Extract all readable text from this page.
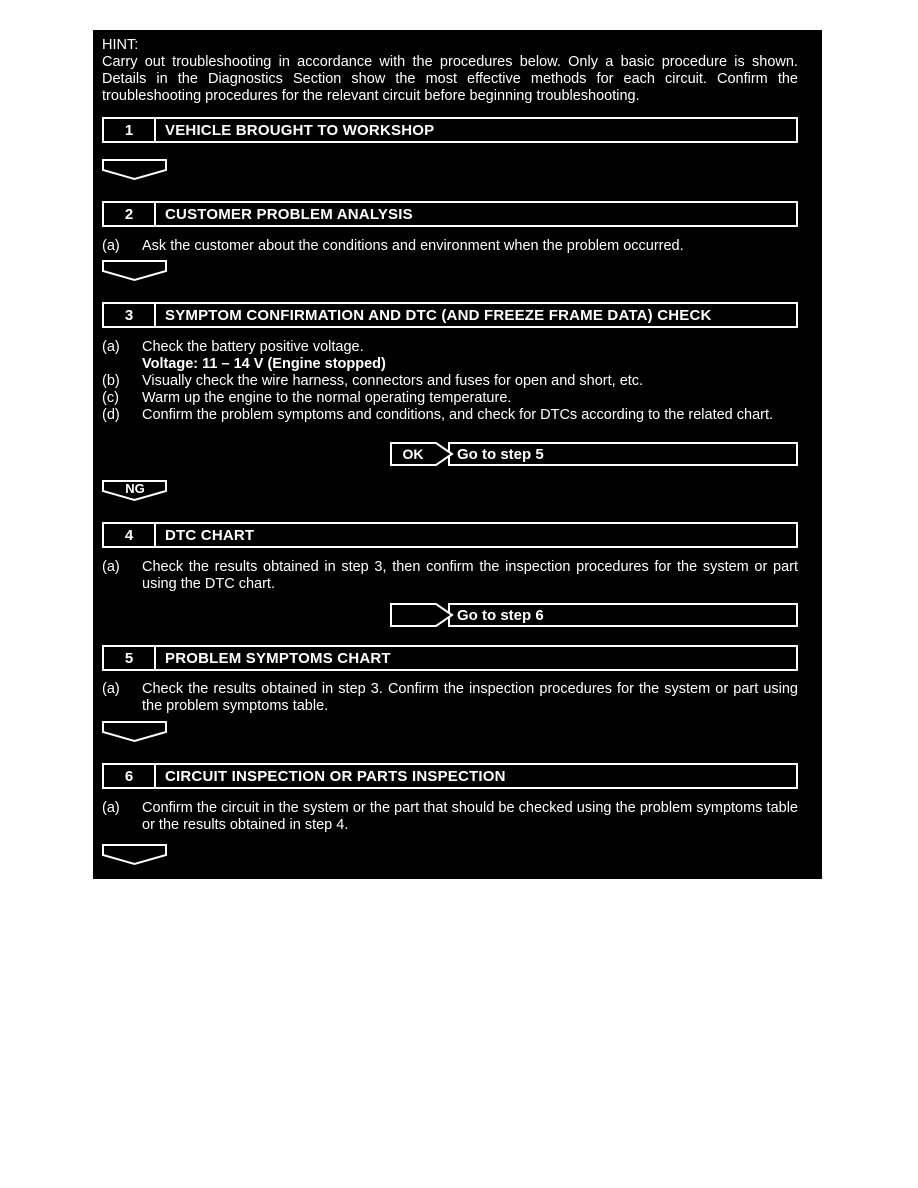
HINT:
Carry out troubleshooting in accordance with the procedures below. Only a basic procedure is shown. Details in the Diagnostics Section show the most effective methods for each circuit. Confirm the troubleshooting procedures for the relevant circuit before beginning troubleshooting.
1	VEHICLE BROUGHT TO WORKSHOP
2	CUSTOMER PROBLEM ANALYSIS
(a)	Ask the customer about the conditions and environment when the problem occurred.
3	SYMPTOM CONFIRMATION AND DTC (AND FREEZE FRAME DATA) CHECK
(a)	Check the battery positive voltage.
Voltage: 11 – 14 V (Engine stopped)
(b)	Visually check the wire harness, connectors and fuses for open and short, etc.
(c)	Warm up the engine to the normal operating temperature.
(d)	Confirm the problem symptoms and conditions, and check for DTCs according to the related chart.
OK	Go to step 5
NG
4	DTC CHART
(a)	Check the results obtained in step 3, then confirm the inspection procedures for the system or part using the DTC chart.
Go to step 6
5	PROBLEM SYMPTOMS CHART
(a)	Check the results obtained in step 3. Confirm the inspection procedures for the system or part using the problem symptoms table.
6	CIRCUIT INSPECTION OR PARTS INSPECTION
(a)	Confirm the circuit in the system or the part that should be checked using the problem symptoms table or the results obtained in step 4.
